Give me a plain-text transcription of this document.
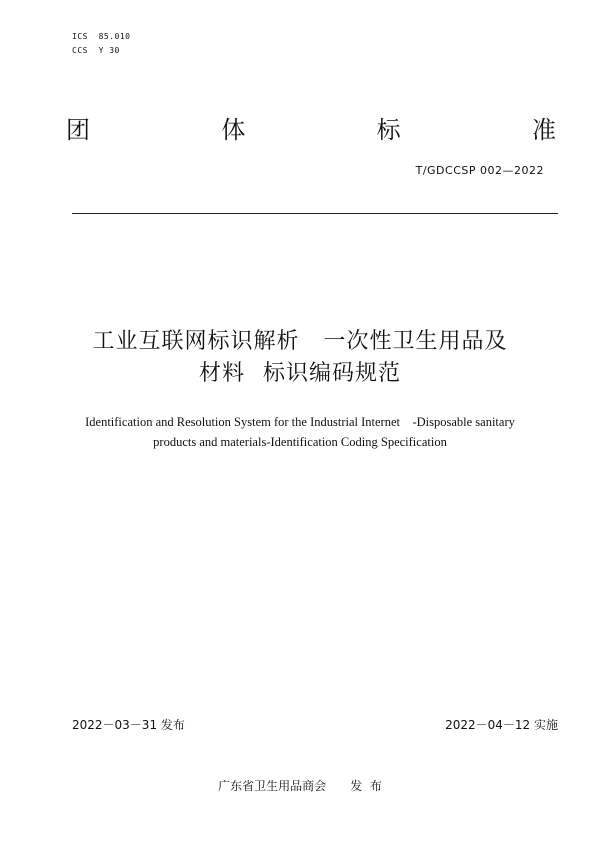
ICS  85.010
CCS  Y 30
团	体	标	准
T/GDCCSP 002—2022
工业互联网标识解析 一次性卫生用品及
材料 标识编码规范
Identification and Resolution System for the Industrial Internet    -Disposable sanitary
products and materials-Identification Coding Specification
2022－03－31 发布	2022－04－12 实施
广东省卫生用品商会 发  布
